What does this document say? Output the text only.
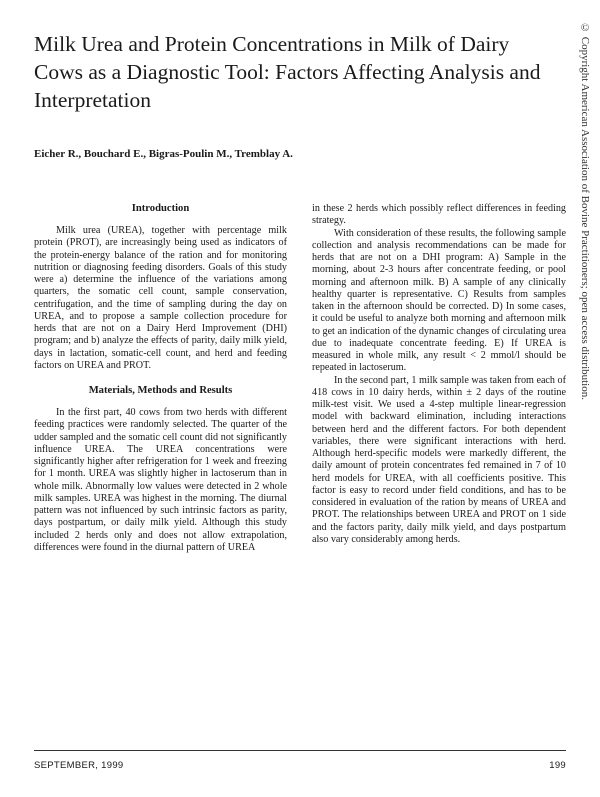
Milk Urea and Protein Concentrations in Milk of Dairy Cows as a Diagnostic Tool: Factors Affecting Analysis and Interpretation
Eicher R., Bouchard E., Bigras-Poulin M., Tremblay A.	© Copyright American Association of Bovine Practitioners; open access distribution.
Introduction

Milk urea (UREA), together with percentage milk protein (PROT), are increasingly being used as indicators of the protein-energy balance of the ration and for monitoring nutrition or diagnosing feeding disorders. Goals of this study were a) determine the influence of the variations among quarters, the somatic cell count, sample conservation, centrifugation, and the time of sampling during the day on UREA, and to propose a sample collection procedure for herds that are not on a Dairy Herd Improvement (DHI) program; and b) analyze the effects of parity, daily milk yield, days in lactation, somatic-cell count, and herd and feeding factors on UREA and PROT.

Materials, Methods and Results

In the first part, 40 cows from two herds with different feeding practices were randomly selected. The quarter of the udder sampled and the somatic cell count did not significantly influence UREA. The UREA concentrations were significantly higher after refrigeration for 1 week and freezing for 1 month. UREA was slightly higher in lactoserum than in whole milk. Abnormally low values were detected in 2 whole milk samples. UREA was highest in the morning. The diurnal pattern was not influenced by such intrinsic factors as parity, days postpartum, or daily milk yield. Although this study included 2 herds only and does not allow extrapolation, differences were found in the diurnal pattern of UREA

in these 2 herds which possibly reflect differences in feeding strategy.

With consideration of these results, the following sample collection and analysis recommendations can be made for herds that are not on a DHI program: A) Sample in the morning, about 2-3 hours after concentrate feeding, or pool morning and afternoon milk. B) A sample of any clinically healthy quarter is representative. C) Results from samples taken in the afternoon should be corrected. D) In some cases, it could be useful to analyze both morning and afternoon milk to get an indication of the dynamic changes of circulating urea due to inadequate concentrate feeding. E) If UREA is measured in whole milk, any result < 2 mmol/l should be repeated in lactoserum.

In the second part, 1 milk sample was taken from each of 418 cows in 10 dairy herds, within ± 2 days of the routine milk-test visit. We used a 4-step multiple linear-regression model with backward elimination, including interactions between herd and the different factors. For both dependent variables, there were significant interactions with herd. Although herd-specific models were markedly different, the daily amount of protein concentrates fed remained in 7 of 10 herd models for UREA, with all coefficients positive. This factor is easy to record under field conditions, and has to be considered in evaluation of the ration by means of UREA and PROT. The relationships between UREA and PROT on 1 side and the factors parity, daily milk yield, and days postpartum also vary considerably among herds.

SEPTEMBER, 1999	199
